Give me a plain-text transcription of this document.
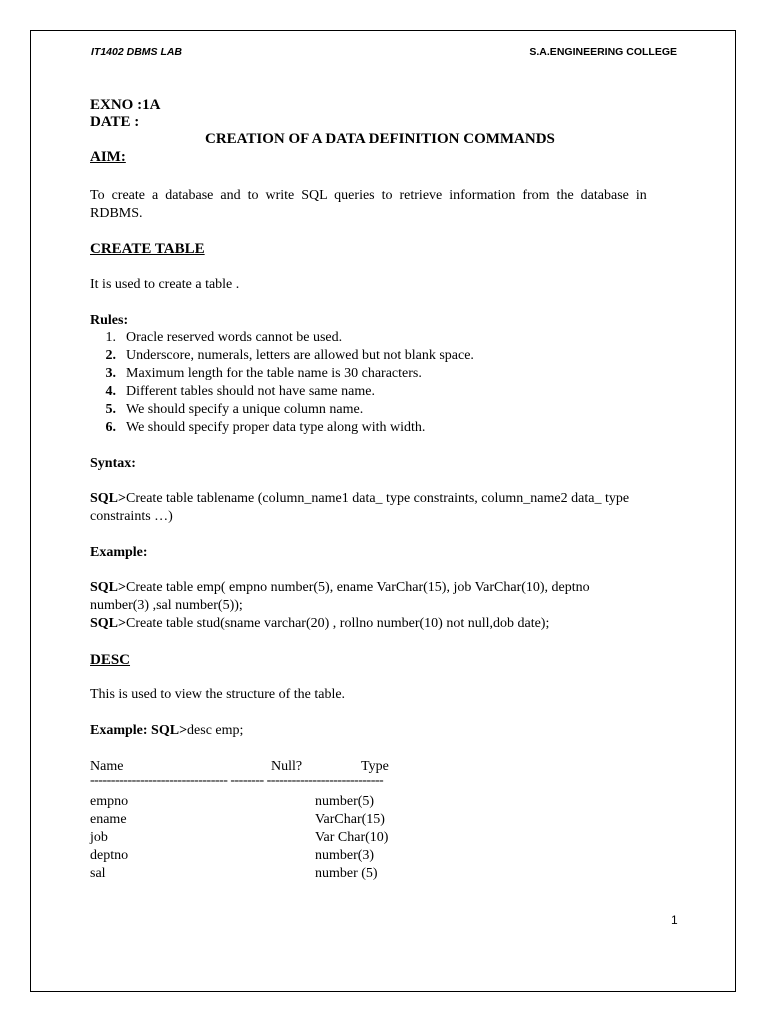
IT1402 DBMS LAB	S.A.ENGINEERING COLLEGE
EXNO :1A
DATE :
CREATION OF A DATA DEFINITION COMMANDS
AIM:
To  create  a  database  and  to  write  SQL  queries  to  retrieve  information  from  the  database  in
RDBMS.
CREATE TABLE
It is used to create a table .
Rules:
1. Oracle reserved words cannot be used.
2. Underscore, numerals, letters are allowed but not blank space.
3. Maximum length for the table name is 30 characters.
4. Different tables should not have same name.
5. We should specify a unique column name.
6. We should specify proper data type along with width.
Syntax:
SQL>Create table tablename (column_name1 data_ type constraints, column_name2 data_ type
constraints …)
Example:
SQL>Create table emp( empno number(5), ename VarChar(15), job VarChar(10), deptno
number(3) ,sal number(5));
SQL>Create table stud(sname varchar(20) , rollno number(10) not null,dob date);
DESC
This is used to view the structure of the table.
Example: SQL>desc emp;
Name	Null?	Type
--------------------------------- -------- ----------------------------
empno	number(5)
ename	VarChar(15)
job	Var Char(10)
deptno	number(3)
sal	number (5)
1
